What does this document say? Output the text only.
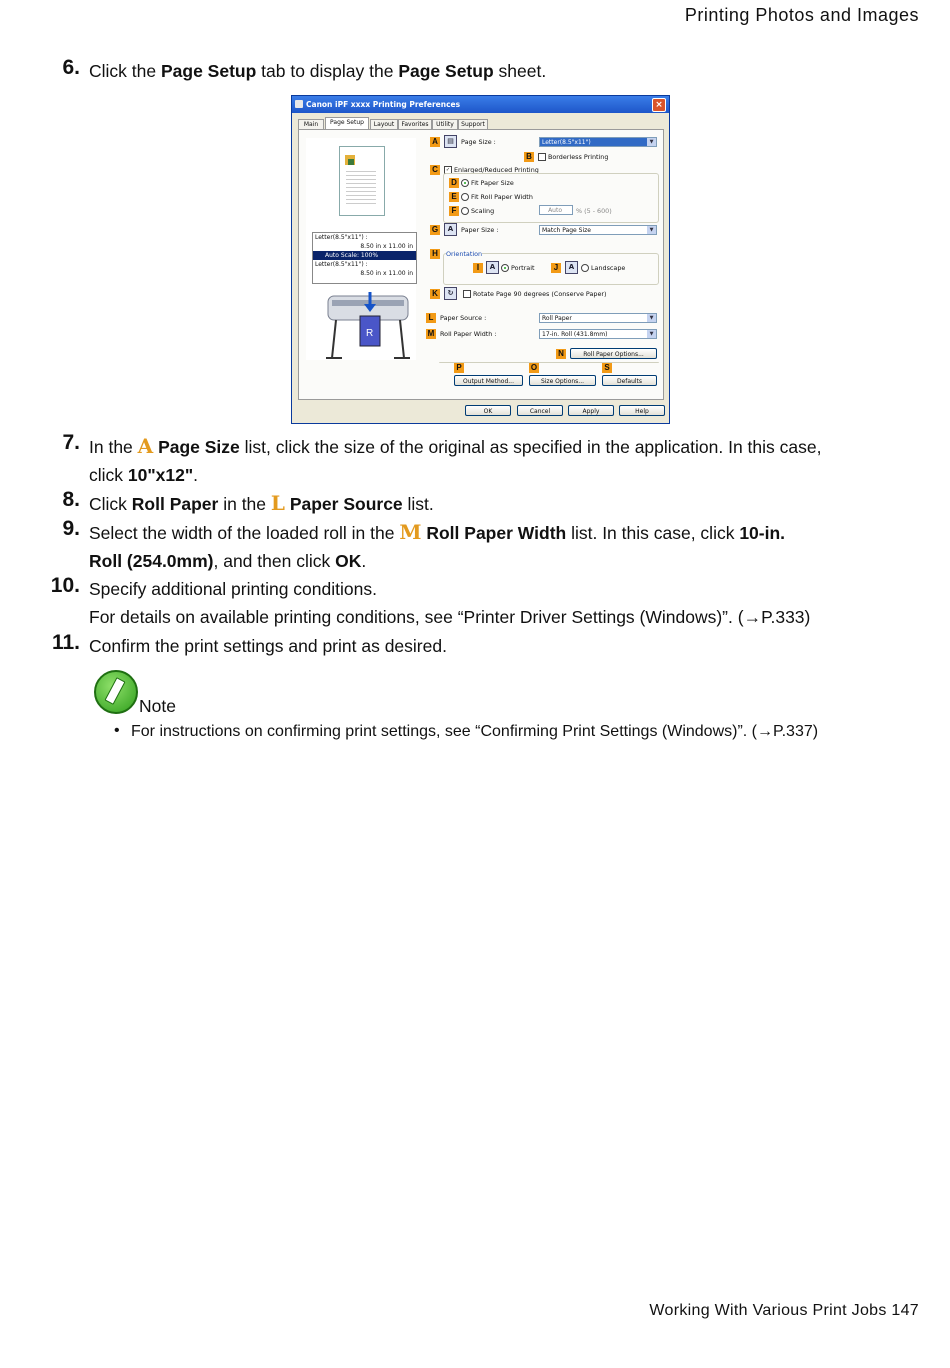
Printing Photos and Images
6. Click the Page Setup tab to display the Page Setup sheet.
Canon iPF xxxx Printing Preferences	×
Main	Page Setup	Layout	Favorites	Utility	Support
Letter(8.5"x11") :
8.50 in x 11.00 in
Auto Scale: 100%
Letter(8.5"x11") :
8.50 in x 11.00 in
R
A	▤	Page Size :	Letter(8.5"x11")	▼
B	Borderless Printing
C	✓ Enlarged/Reduced Printing
D	Fit Paper Size
E	Fit Roll Paper Width
F	Scaling	Auto	% (5 - 600)
G	A	Paper Size :	Match Page Size	▼
H	Orientation
I	A	Portrait	J	A	Landscape
K	↻	Rotate Page 90 degrees (Conserve Paper)
L	Paper Source :	Roll Paper	▼
M Roll Paper Width :	17-in. Roll (431.8mm)	▼
N	Roll Paper Options...
P	O	S
Output Method...	Size Options...	Defaults
OK	Cancel	Apply	Help
7. In the A Page Size list, click the size of the original as specified in the application. In this case,
click 10"x12".
8. Click Roll Paper in the L Paper Source list.
9. Select the width of the loaded roll in the M Roll Paper Width list. In this case, click 10-in.
Roll (254.0mm), and then click OK.
10. Specify additional printing conditions.
For details on available printing conditions, see “Printer Driver Settings (Windows)”. (→P.333)
11. Confirm the print settings and print as desired.
Note
• For instructions on confirming print settings, see “Confirming Print Settings (Windows)”. (→P.337)
Working With Various Print Jobs 147
